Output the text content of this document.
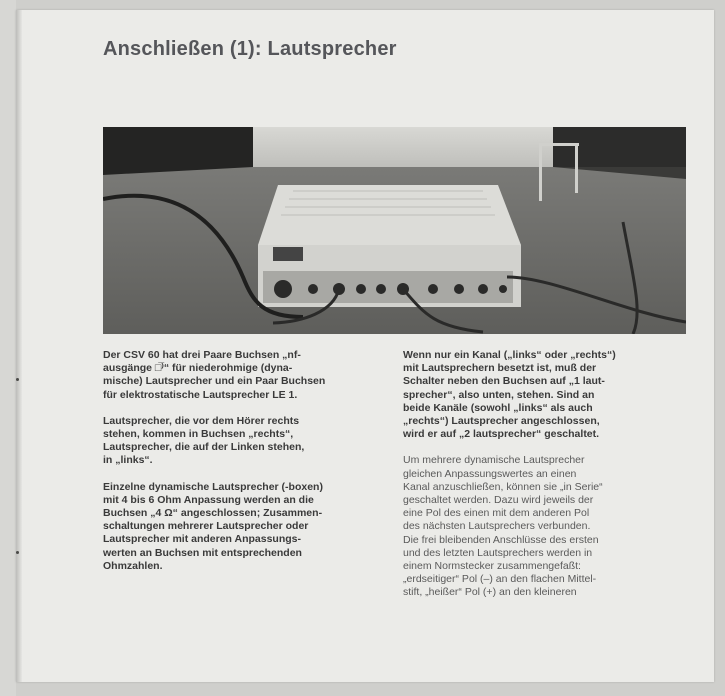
Anschließen (1): Lautsprecher

Der CSV 60 hat drei Paare Buchsen „nf-
ausgänge □̅⁾“ für niederohmige (dyna-
mische) Lautsprecher und ein Paar Buchsen
für elektrostatische Lautsprecher LE 1.

Lautsprecher, die vor dem Hörer rechts
stehen, kommen in Buchsen „rechts“,
Lautsprecher, die auf der Linken stehen,
in „links“.

Einzelne dynamische Lautsprecher (-boxen)
mit 4 bis 6 Ohm Anpassung werden an die
Buchsen „4 Ω“ angeschlossen; Zusammen-
schaltungen mehrerer Lautsprecher oder
Lautsprecher mit anderen Anpassungs-
werten an Buchsen mit entsprechenden
Ohmzahlen.

Wenn nur ein Kanal („links“ oder „rechts“)
mit Lautsprechern besetzt ist, muß der
Schalter neben den Buchsen auf „1 laut-
sprecher“, also unten, stehen. Sind an
beide Kanäle (sowohl „links“ als auch
„rechts“) Lautsprecher angeschlossen,
wird er auf „2 lautsprecher“ geschaltet.

Um mehrere dynamische Lautsprecher
gleichen Anpassungswertes an einen
Kanal anzuschließen, können sie „in Serie“
geschaltet werden. Dazu wird jeweils der
eine Pol des einen mit dem anderen Pol
des nächsten Lautsprechers verbunden.
Die frei bleibenden Anschlüsse des ersten
und des letzten Lautsprechers werden in
einem Normstecker zusammengefaßt:
„erdseitiger“ Pol (–) an den flachen Mittel-
stift, „heißer“ Pol (+) an den kleineren
